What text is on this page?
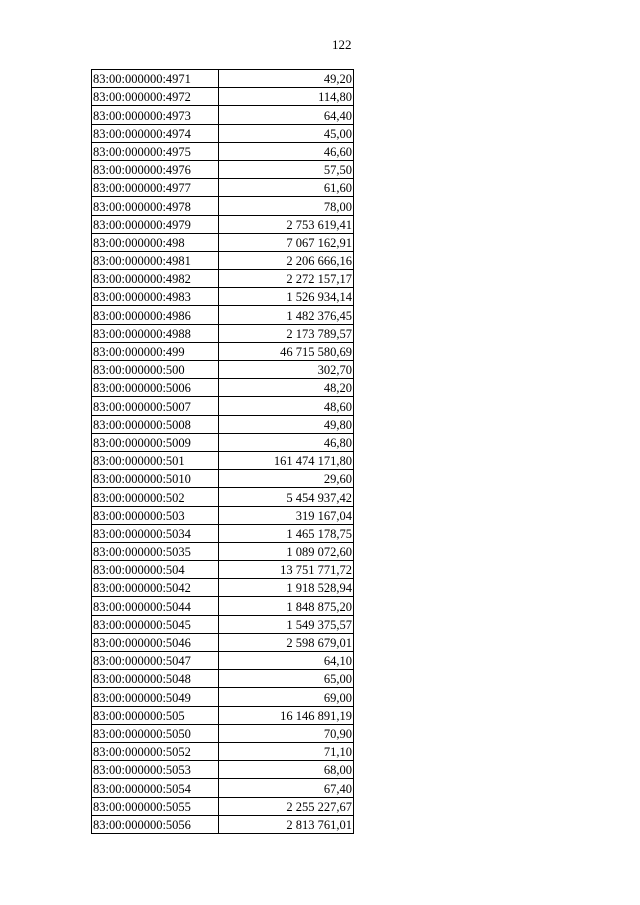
122
83:00:000000:4971	49,20
83:00:000000:4972	114,80
83:00:000000:4973	64,40
83:00:000000:4974	45,00
83:00:000000:4975	46,60
83:00:000000:4976	57,50
83:00:000000:4977	61,60
83:00:000000:4978	78,00
83:00:000000:4979	2 753 619,41
83:00:000000:498	7 067 162,91
83:00:000000:4981	2 206 666,16
83:00:000000:4982	2 272 157,17
83:00:000000:4983	1 526 934,14
83:00:000000:4986	1 482 376,45
83:00:000000:4988	2 173 789,57
83:00:000000:499	46 715 580,69
83:00:000000:500	302,70
83:00:000000:5006	48,20
83:00:000000:5007	48,60
83:00:000000:5008	49,80
83:00:000000:5009	46,80
83:00:000000:501	161 474 171,80
83:00:000000:5010	29,60
83:00:000000:502	5 454 937,42
83:00:000000:503	319 167,04
83:00:000000:5034	1 465 178,75
83:00:000000:5035	1 089 072,60
83:00:000000:504	13 751 771,72
83:00:000000:5042	1 918 528,94
83:00:000000:5044	1 848 875,20
83:00:000000:5045	1 549 375,57
83:00:000000:5046	2 598 679,01
83:00:000000:5047	64,10
83:00:000000:5048	65,00
83:00:000000:5049	69,00
83:00:000000:505	16 146 891,19
83:00:000000:5050	70,90
83:00:000000:5052	71,10
83:00:000000:5053	68,00
83:00:000000:5054	67,40
83:00:000000:5055	2 255 227,67
83:00:000000:5056	2 813 761,01
